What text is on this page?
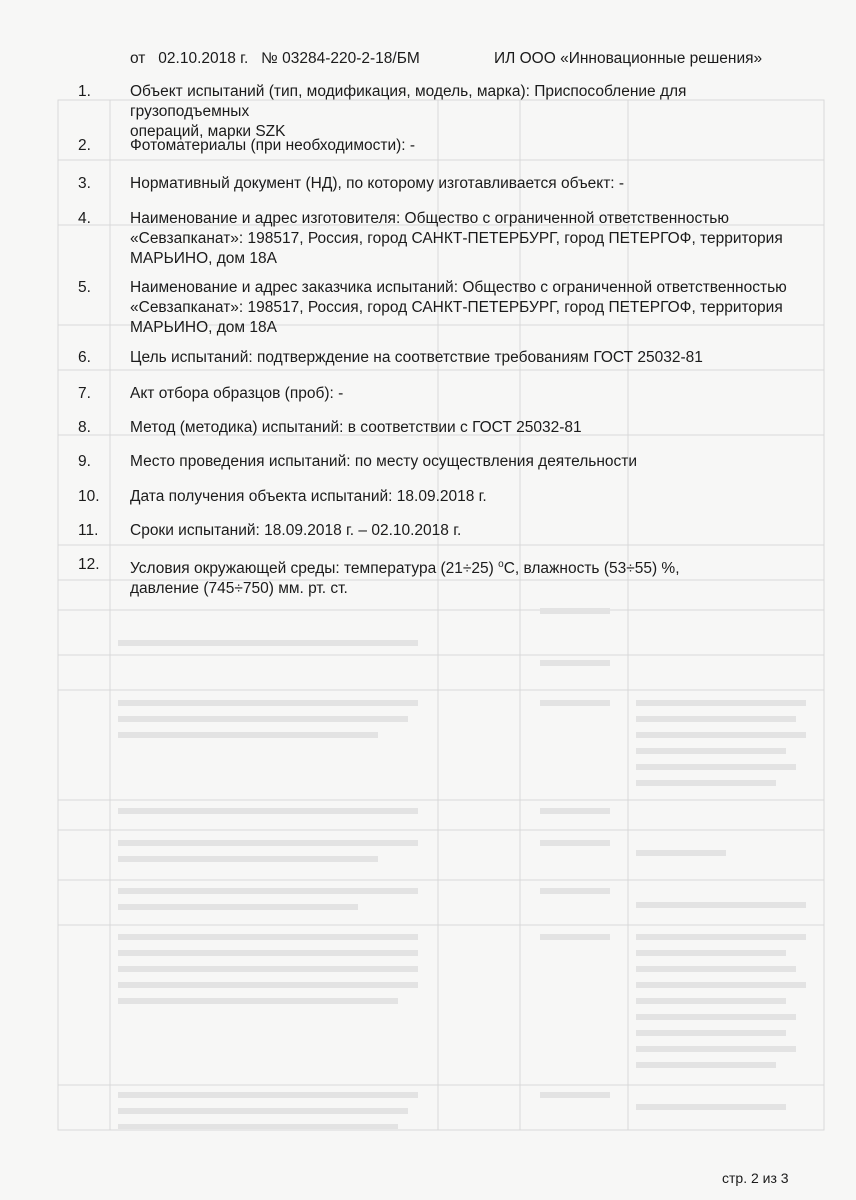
от   02.10.2018 г.   № 03284-220-2-18/БМ	ИЛ ООО «Инновационные решения»
1.	Объект испытаний (тип, модификация, модель, марка): Приспособление для грузоподъемных
операций, марки SZK
2.	Фотоматериалы (при необходимости): -
3.	Нормативный документ (НД), по которому изготавливается объект: -
4.	Наименование и адрес изготовителя: Общество с ограниченной ответственностью
«Севзапканат»: 198517, Россия, город САНКТ-ПЕТЕРБУРГ, город ПЕТЕРГОФ, территория
МАРЬИНО, дом 18А
5.	Наименование и адрес заказчика испытаний: Общество с ограниченной ответственностью
«Севзапканат»: 198517, Россия, город САНКТ-ПЕТЕРБУРГ, город ПЕТЕРГОФ, территория
МАРЬИНО, дом 18А
6.	Цель испытаний: подтверждение на соответствие требованиям ГОСТ 25032-81
7.	Акт отбора образцов (проб): -
8.	Метод (методика) испытаний: в соответствии с ГОСТ 25032-81
9.	Место проведения испытаний: по месту осуществления деятельности
10.	Дата получения объекта испытаний: 18.09.2018 г.
11.	Сроки испытаний: 18.09.2018 г. – 02.10.2018 г.
12.	Условия окружающей среды: температура (21÷25) $^o$C, влажность (53÷55) %,
давление (745÷750) мм. рт. ст.
стр. 2 из 3
